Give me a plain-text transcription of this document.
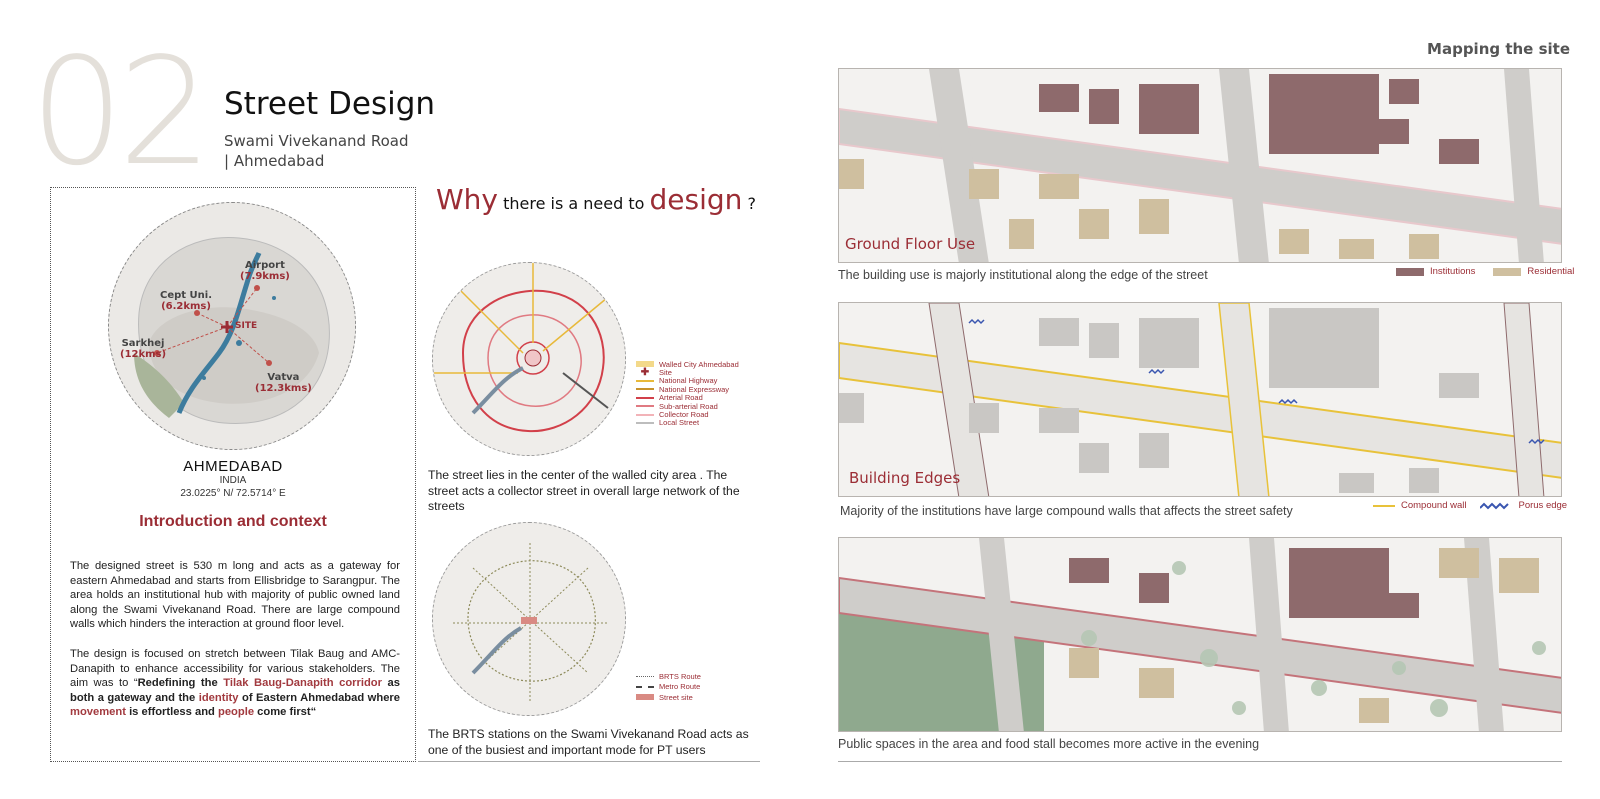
02 Street Design
Swami Vivekanand Road
| Ahmedabad
Airport
(7.9kms)
Cept Uni.
(6.2kms)
SITE
Sarkhej
(12kms)
Vatva
(12.3kms)
AHMEDABAD
INDIA
23.0225° N/ 72.5714° E
Introduction and context

The designed street is 530 m long and acts as a gateway for eastern Ahmedabad and starts from Ellisbridge to Sarangpur. The area holds an institutional hub with majority of public owned land along the Swami Vivekanand Road. There are large compound walls which hinders the interaction at ground floor level.

The design is focused on stretch between Tilak Baug and AMC-Danapith to enhance accessibility for various stakeholders. The aim was to “Redefining the Tilak Baug-Danapith corridor as both a gateway and the identity of Eastern Ahmedabad where movement is effortless and people come first“

Why there is a need to design ?
Walled City Ahmedabad
✚	Site
National Highway
National Expressway
Arterial Road
Sub-arterial Road
Collector Road
Local Street

The street lies in the center of the walled city area . The street acts a collector street in overall large network of the streets

BRTS Route
Metro Route
Street site

The BRTS stations on the Swami Vivekanand Road acts as one of the busiest and important mode for PT users

Mapping the site
Ground Floor Use
The building use is majorly institutional along the edge of the street	Institutions	Residential
Building Edges
Majority of the institutions have large compound walls that affects the street safety	Compound wall	Porus edge
Public spaces in the area and food stall becomes more active in the evening
